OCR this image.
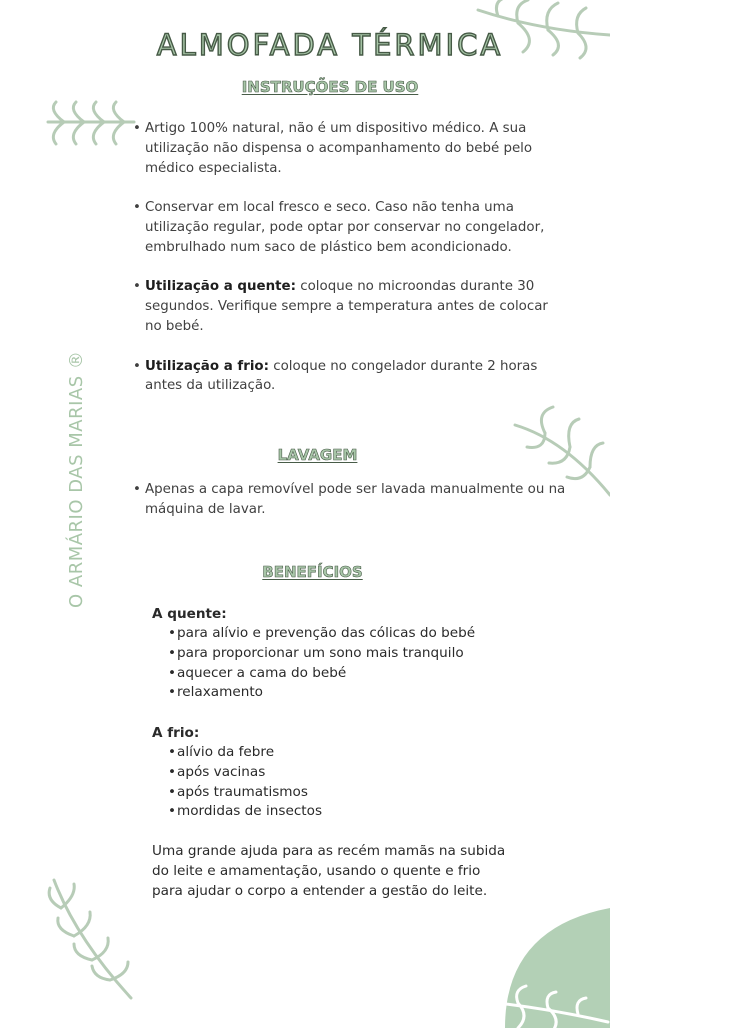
ALMOFADA TÉRMICA
INSTRUÇÕES DE USO
• Artigo 100% natural, não é um dispositivo médico. A sua utilização não dispensa o acompanhamento do bebé pelo médico especialista.
• Conservar em local fresco e seco. Caso não tenha uma utilização regular, pode optar por conservar no congelador, embrulhado num saco de plástico bem acondicionado.
• Utilização a quente: coloque no microondas durante 30 segundos. Verifique sempre a temperatura antes de colocar no bebé.
• Utilização a frio: coloque no congelador durante 2 horas antes da utilização.
LAVAGEM
• Apenas a capa removível pode ser lavada manualmente ou na máquina de lavar.
BENEFÍCIOS
A quente:
• para alívio e prevenção das cólicas do bebé
• para proporcionar um sono mais tranquilo
• aquecer a cama do bebé
• relaxamento
A frio:
• alívio da febre
• após vacinas
• após traumatismos
• mordidas de insectos
Uma grande ajuda para as recém mamãs na subida do leite e amamentação, usando o quente e frio para ajudar o corpo a entender a gestão do leite.
O ARMÁRIO DAS MARIAS ®
